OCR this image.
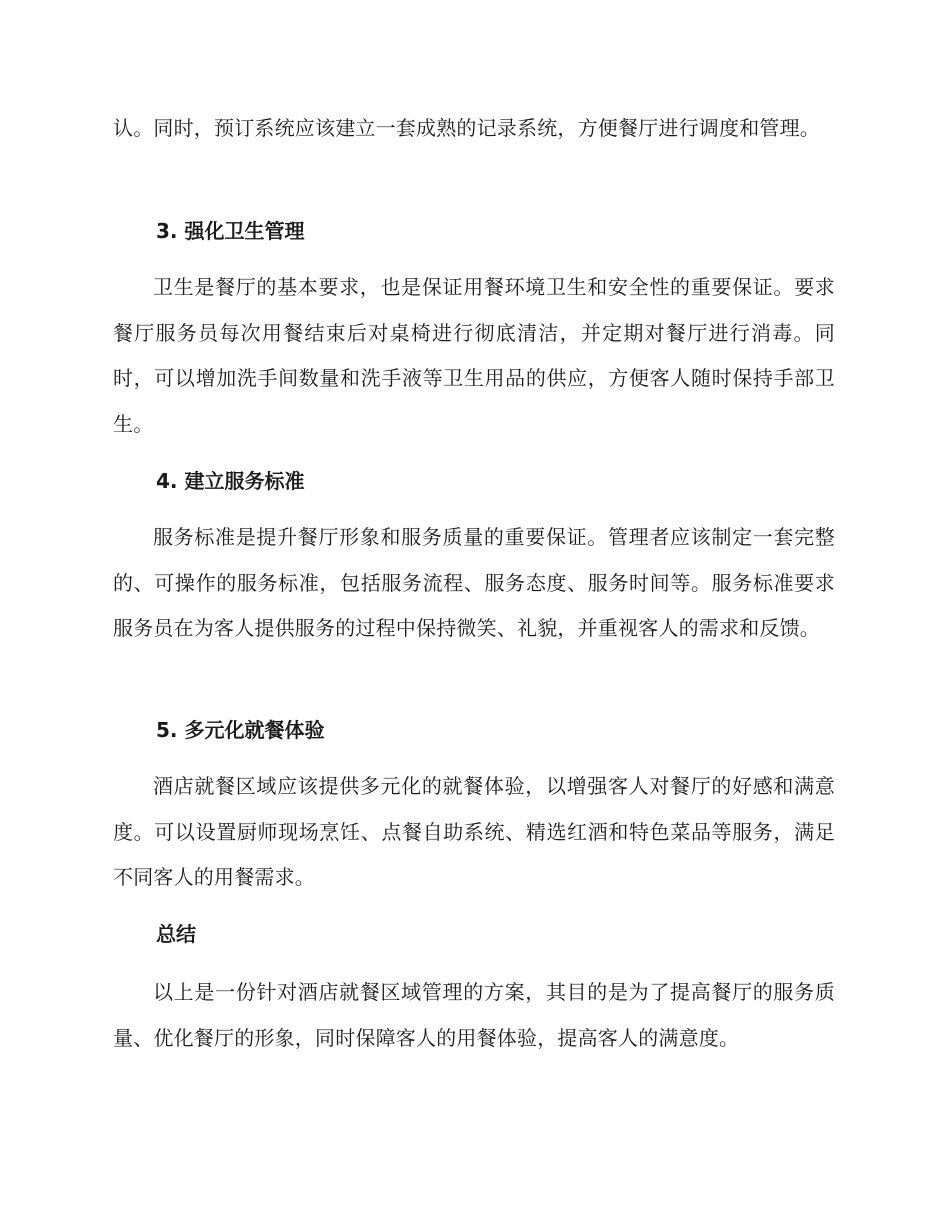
认。同时，预订系统应该建立一套成熟的记录系统，方便餐厅进行调度和管理。

3. 强化卫生管理

卫生是餐厅的基本要求，也是保证用餐环境卫生和安全性的重要保证。要求餐厅服务员每次用餐结束后对桌椅进行彻底清洁，并定期对餐厅进行消毒。同时，可以增加洗手间数量和洗手液等卫生用品的供应，方便客人随时保持手部卫生。

4. 建立服务标准

服务标准是提升餐厅形象和服务质量的重要保证。管理者应该制定一套完整的、可操作的服务标准，包括服务流程、服务态度、服务时间等。服务标准要求服务员在为客人提供服务的过程中保持微笑、礼貌，并重视客人的需求和反馈。

5. 多元化就餐体验

酒店就餐区域应该提供多元化的就餐体验，以增强客人对餐厅的好感和满意度。可以设置厨师现场烹饪、点餐自助系统、精选红酒和特色菜品等服务，满足不同客人的用餐需求。

总结

以上是一份针对酒店就餐区域管理的方案，其目的是为了提高餐厅的服务质量、优化餐厅的形象，同时保障客人的用餐体验，提高客人的满意度。
